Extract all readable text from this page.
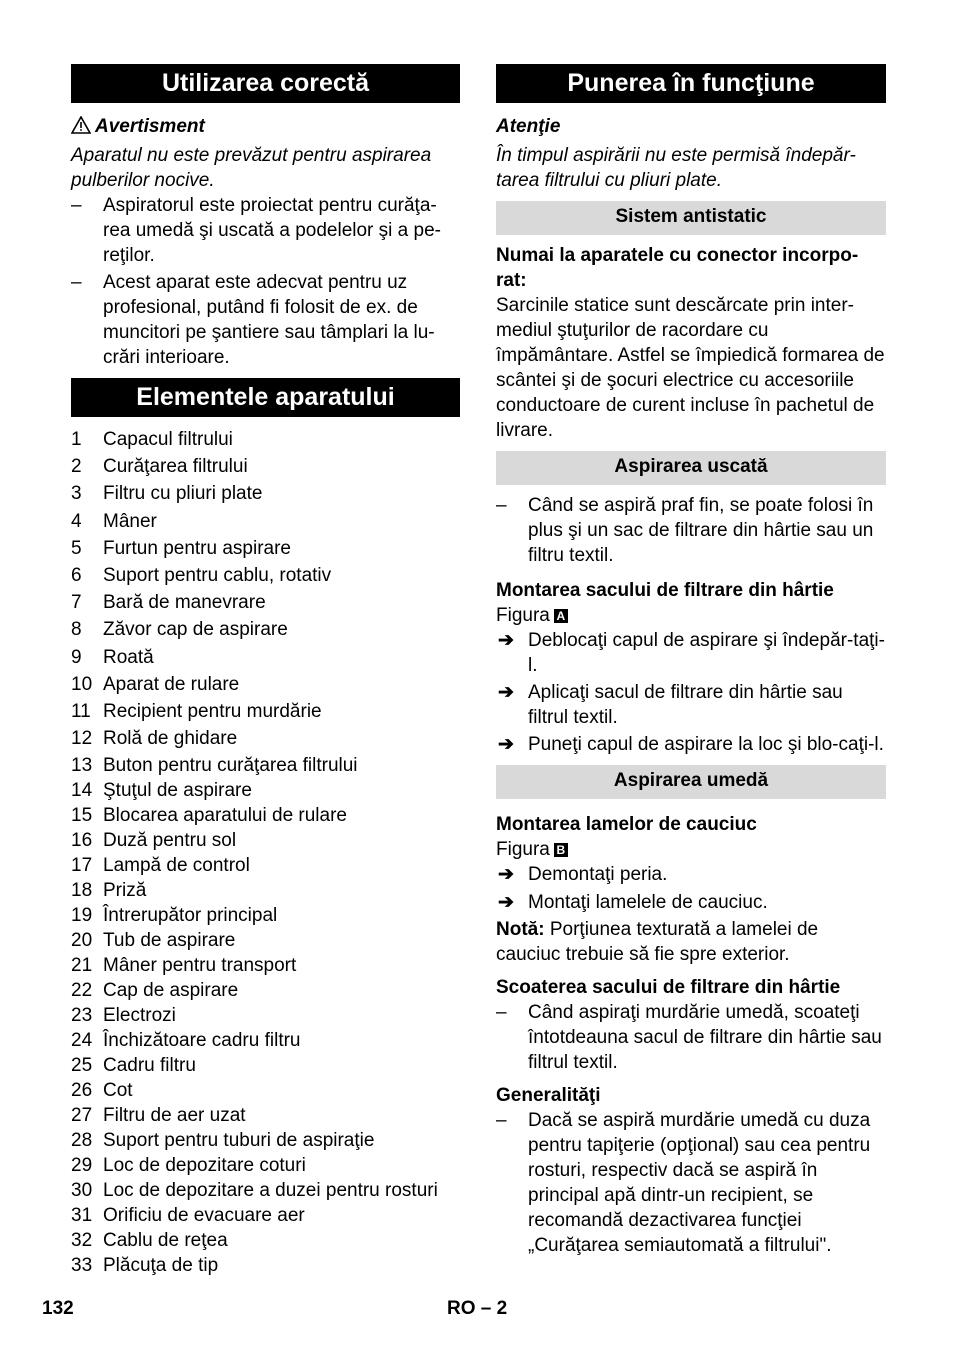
Utilizarea corectă
Avertisment

Aparatul nu este prevăzut pentru aspirarea pulberilor nocive.

– Aspiratorul este proiectat pentru curăţa-rea umedă şi uscată a podelelor şi a pe-reţilor.
– Acest aparat este adecvat pentru uz profesional, putând fi folosit de ex. de muncitori pe şantiere sau tâmplari la lu-crări interioare.
Elementele aparatului
1 Capacul filtrului
2 Curăţarea filtrului
3 Filtru cu pliuri plate
4 Mâner
5 Furtun pentru aspirare
6 Suport pentru cablu, rotativ
7 Bară de manevrare
8 Zăvor cap de aspirare
9 Roată
10 Aparat de rulare
11 Recipient pentru murdărie
12 Rolă de ghidare
13 Buton pentru curăţarea filtrului
14 Ştuţul de aspirare
15 Blocarea aparatului de rulare
16 Duză pentru sol
17 Lampă de control
18 Priză
19 Întrerupător principal
20 Tub de aspirare
21 Mâner pentru transport
22 Cap de aspirare
23 Electrozi
24 Închizătoare cadru filtru
25 Cadru filtru
26 Cot
27 Filtru de aer uzat
28 Suport pentru tuburi de aspiraţie
29 Loc de depozitare coturi
30 Loc de depozitare a duzei pentru rosturi
31 Orificiu de evacuare aer
32 Cablu de reţea
33 Plăcuţa de tip
Punerea în funcţiune

Atenţie

În timpul aspirării nu este permisă îndepăr-tarea filtrului cu pliuri plate.

Sistem antistatic

Numai la aparatele cu conector incorpo-rat:

Sarcinile statice sunt descărcate prin inter-mediul ştuţurilor de racordare cu împământare. Astfel se împiedică formarea de scântei şi de şocuri electrice cu accesoriile conductoare de curent incluse în pachetul de livrare.

Aspirarea uscată
– Când se aspiră praf fin, se poate folosi în plus şi un sac de filtrare din hârtie sau un filtru textil.

Montarea sacului de filtrare din hârtie

Figura A

➔ Deblocaţi capul de aspirare şi îndepăr-taţi-l.
➔ Aplicaţi sacul de filtrare din hârtie sau filtrul textil.
➔ Puneţi capul de aspirare la loc şi blo-caţi-l.
Aspirarea umedă

Montarea lamelor de cauciuc

Figura B

➔ Demontaţi peria.
➔ Montaţi lamelele de cauciuc.

Notă: Porţiunea texturată a lamelei de cauciuc trebuie să fie spre exterior.

Scoaterea sacului de filtrare din hârtie

– Când aspiraţi murdărie umedă, scoateţi întotdeauna sacul de filtrare din hârtie sau filtrul textil.

Generalităţi

– Dacă se aspiră murdărie umedă cu duza pentru tapiţerie (opţional) sau cea pentru rosturi, respectiv dacă se aspiră în principal apă dintr-un recipient, se recomandă dezactivarea funcţiei „Curăţarea semiautomată a filtrului".
132	RO – 2
